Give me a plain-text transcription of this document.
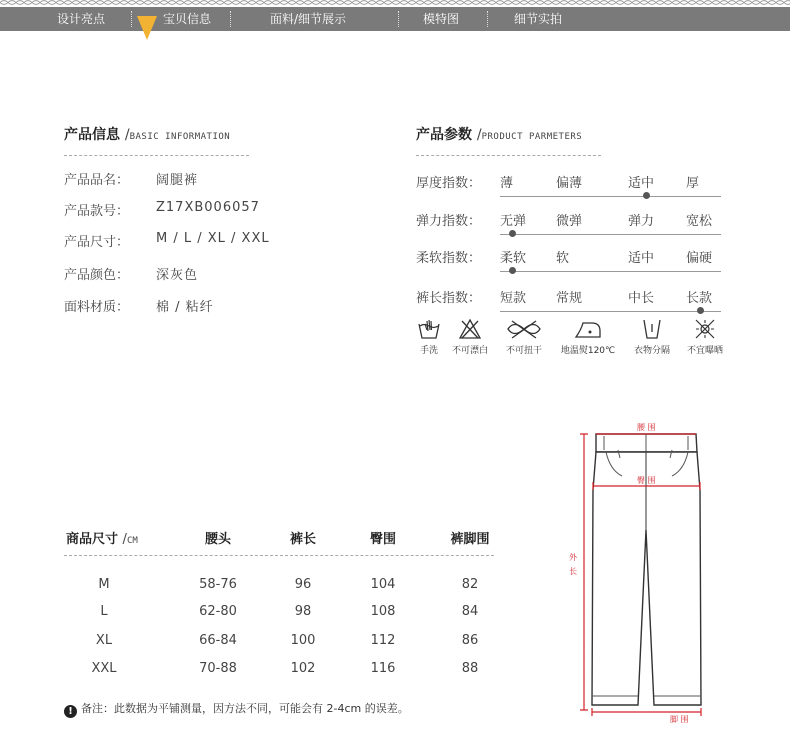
设计亮点	宝贝信息	面料/细节展示	模特图	细节实拍
产品信息 /BASIC INFORMATION
产品品名： 阔腿裤
产品款号： Z17XB006057
产品尺寸： M / L / XL / XXL
产品颜色： 深灰色
面料材质： 棉 / 粘纤
产品参数 /PRODUCT PARMETERS
厚度指数： 薄	偏薄	适中 厚
弹力指数： 无弹 微弹	弹力 宽松
柔软指数： 柔软 软	适中 偏硬
裤长指数： 短款 常规	中长 长款
手洗	不可漂白	不可扭干	地温熨120℃	衣物分隔	不宜曝晒
商品尺寸 /CM	腰头	裤长	臀围	裤脚围
M	58-76	96	104	82
L	62-80	98	108	84
XL	66-84	100	112	86
XXL	70-88	102	116	88
! 备注：此数据为平铺测量，因方法不同，可能会有 2-4cm 的误差。
腰 围
臀 围
外
长
脚 围
